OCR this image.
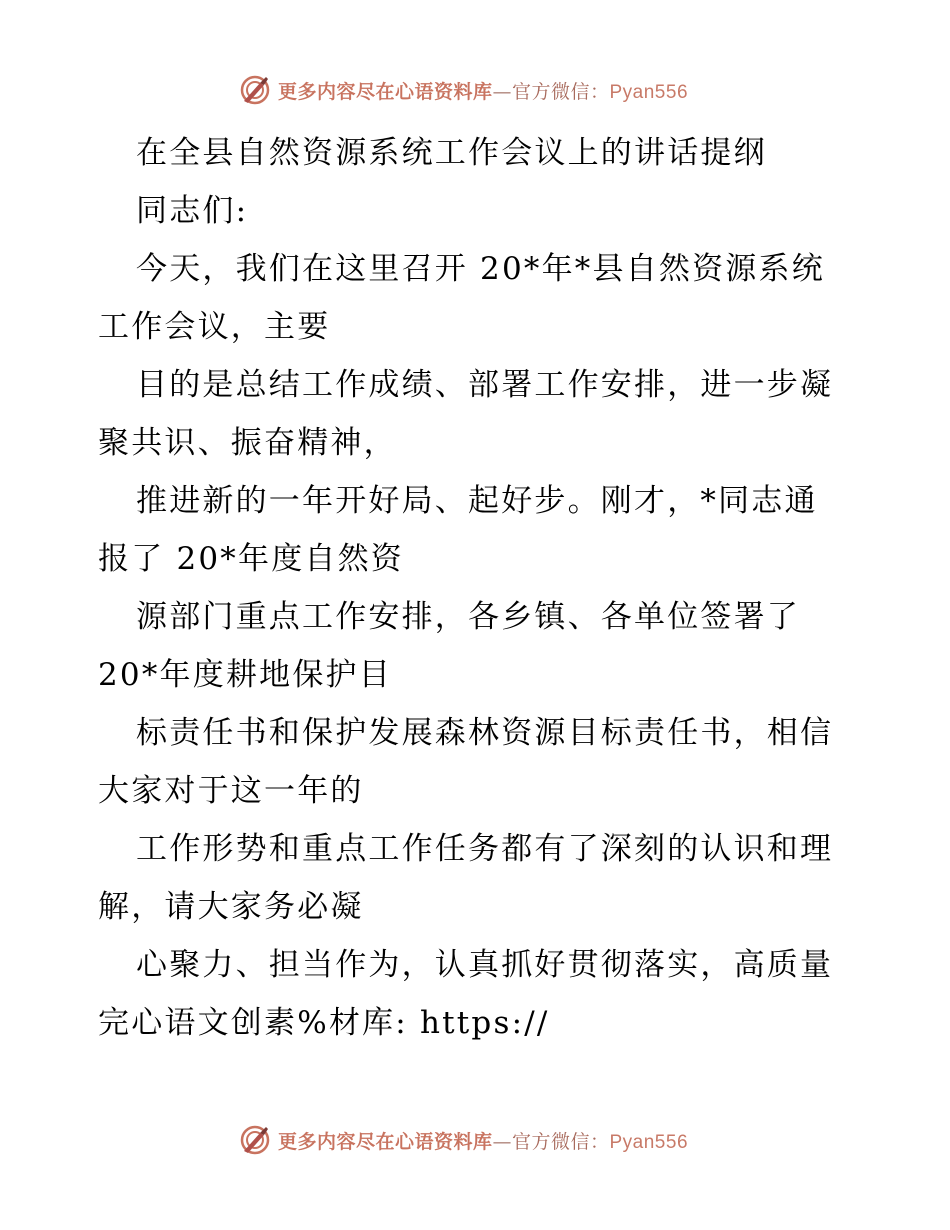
更多内容尽在心语资料库—官方微信：Pyan556
在全县自然资源系统工作会议上的讲话提纲
同志们:
今天，我们在这里召开 20*年*县自然资源系统
工作会议，主要
目的是总结工作成绩、部署工作安排，进一步凝
聚共识、振奋精神，
推进新的一年开好局、起好步。刚才，*同志通
报了 20*年度自然资
源部门重点工作安排，各乡镇、各单位签署了
20*年度耕地保护目
标责任书和保护发展森林资源目标责任书，相信
大家对于这一年的
工作形势和重点工作任务都有了深刻的认识和理
解，请大家务必凝
心聚力、担当作为，认真抓好贯彻落实，高质量
完心语文创素%材库: https://
更多内容尽在心语资料库—官方微信：Pyan556
